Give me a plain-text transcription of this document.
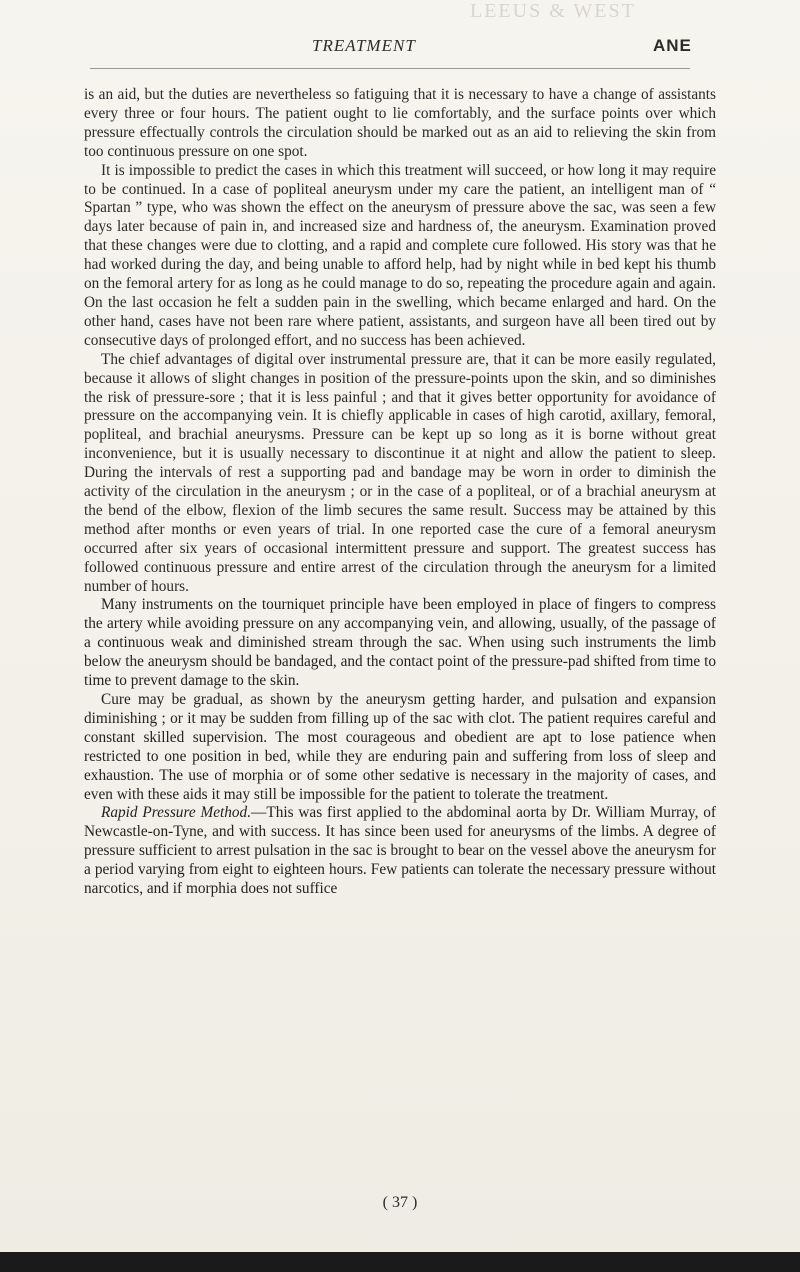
LEEUS & WEST
TREATMENT	ANE

is an aid, but the duties are nevertheless so fatiguing that it is necessary to have a change of assistants every three or four hours. The patient ought to lie comfortably, and the surface points over which pressure effectually controls the circulation should be marked out as an aid to relieving the skin from too continuous pressure on one spot.

It is impossible to predict the cases in which this treatment will succeed, or how long it may require to be continued. In a case of popliteal aneurysm under my care the patient, an intelligent man of “ Spartan ” type, who was shown the effect on the aneurysm of pressure above the sac, was seen a few days later because of pain in, and increased size and hardness of, the aneurysm. Examination proved that these changes were due to clotting, and a rapid and complete cure followed. His story was that he had worked during the day, and being unable to afford help, had by night while in bed kept his thumb on the femoral artery for as long as he could manage to do so, repeating the procedure again and again. On the last occasion he felt a sudden pain in the swelling, which became enlarged and hard. On the other hand, cases have not been rare where patient, assistants, and surgeon have all been tired out by consecutive days of prolonged effort, and no success has been achieved.

The chief advantages of digital over instrumental pressure are, that it can be more easily regulated, because it allows of slight changes in position of the pressure-points upon the skin, and so diminishes the risk of pressure-sore ; that it is less painful ; and that it gives better opportunity for avoidance of pressure on the accompanying vein. It is chiefly applicable in cases of high carotid, axillary, femoral, popliteal, and brachial aneurysms. Pressure can be kept up so long as it is borne without great inconvenience, but it is usually necessary to discontinue it at night and allow the patient to sleep. During the intervals of rest a supporting pad and bandage may be worn in order to diminish the activity of the circulation in the aneurysm ; or in the case of a popliteal, or of a brachial aneurysm at the bend of the elbow, flexion of the limb secures the same result. Success may be attained by this method after months or even years of trial. In one reported case the cure of a femoral aneurysm occurred after six years of occasional intermittent pressure and support. The greatest success has followed continuous pressure and entire arrest of the circulation through the aneurysm for a limited number of hours.

Many instruments on the tourniquet principle have been employed in place of fingers to compress the artery while avoiding pressure on any accompanying vein, and allowing, usually, of the passage of a continuous weak and diminished stream through the sac. When using such instruments the limb below the aneurysm should be bandaged, and the contact point of the pressure-pad shifted from time to time to prevent damage to the skin.

Cure may be gradual, as shown by the aneurysm getting harder, and pulsation and expansion diminishing ; or it may be sudden from filling up of the sac with clot. The patient requires careful and constant skilled supervision. The most courageous and obedient are apt to lose patience when restricted to one position in bed, while they are enduring pain and suffering from loss of sleep and exhaustion. The use of morphia or of some other sedative is necessary in the majority of cases, and even with these aids it may still be impossible for the patient to tolerate the treatment.

Rapid Pressure Method.—This was first applied to the abdominal aorta by Dr. William Murray, of Newcastle-on-Tyne, and with success. It has since been used for aneurysms of the limbs. A degree of pressure sufficient to arrest pulsation in the sac is brought to bear on the vessel above the aneurysm for a period varying from eight to eighteen hours. Few patients can tolerate the necessary pressure without narcotics, and if morphia does not suffice

( 37 )
